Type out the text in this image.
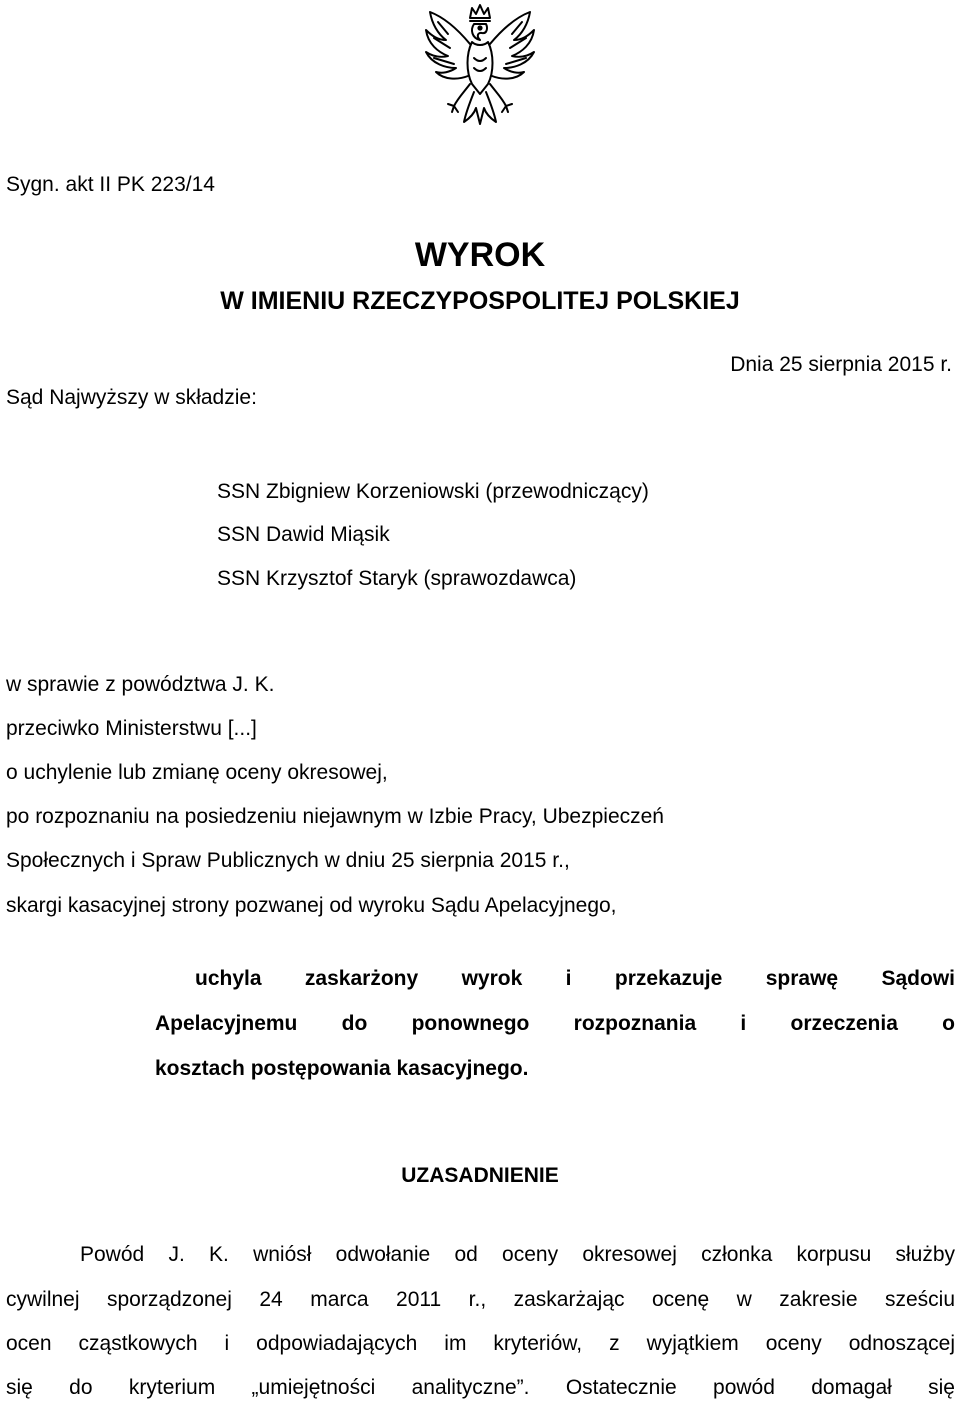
Sygn. akt II PK 223/14
WYROK
W IMIENIU RZECZYPOSPOLITEJ POLSKIEJ
Dnia 25 sierpnia 2015 r.
Sąd Najwyższy w składzie:
SSN Zbigniew Korzeniowski (przewodniczący)
SSN Dawid Miąsik
SSN Krzysztof Staryk (sprawozdawca)
w sprawie z powództwa J. K.
przeciwko Ministerstwu [...]
o uchylenie lub zmianę oceny okresowej,
po rozpoznaniu na posiedzeniu niejawnym w Izbie Pracy, Ubezpieczeń
Społecznych i Spraw Publicznych w dniu 25 sierpnia 2015 r.,
skargi kasacyjnej strony pozwanej od wyroku Sądu Apelacyjnego,
uchyla zaskarżony wyrok i przekazuje sprawę Sądowi
Apelacyjnemu do ponownego rozpoznania i orzeczenia o
kosztach postępowania kasacyjnego.
UZASADNIENIE
Powód J. K. wniósł odwołanie od oceny okresowej członka korpusu służby
cywilnej sporządzonej 24 marca 2011 r., zaskarżając ocenę w zakresie sześciu
ocen cząstkowych i odpowiadających im kryteriów, z wyjątkiem oceny odnoszącej
się do kryterium „umiejętności analityczne”. Ostatecznie powód domagał się
